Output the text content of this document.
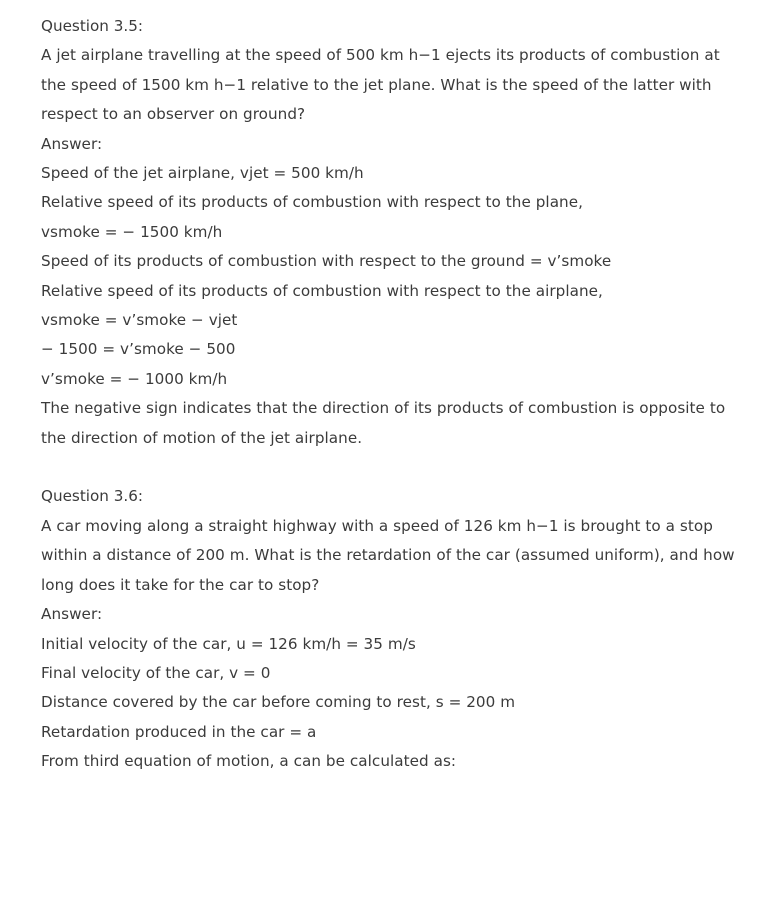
Question 3.5:
A jet airplane travelling at the speed of 500 km h−1 ejects its products of combustion at the speed of 1500 km h−1 relative to the jet plane. What is the speed of the latter with respect to an observer on ground?
Answer:
Speed of the jet airplane, vjet = 500 km/h
Relative speed of its products of combustion with respect to the plane,
vsmoke = − 1500 km/h
Speed of its products of combustion with respect to the ground = v’smoke
Relative speed of its products of combustion with respect to the airplane,
vsmoke = v’smoke − vjet
− 1500 = v’smoke − 500
v’smoke = − 1000 km/h
The negative sign indicates that the direction of its products of combustion is opposite to the direction of motion of the jet airplane.
Question 3.6:
A car moving along a straight highway with a speed of 126 km h−1 is brought to a stop within a distance of 200 m. What is the retardation of the car (assumed uniform), and how long does it take for the car to stop?
Answer:
Initial velocity of the car, u = 126 km/h = 35 m/s
Final velocity of the car, v = 0
Distance covered by the car before coming to rest, s = 200 m
Retardation produced in the car = a
From third equation of motion, a can be calculated as:
